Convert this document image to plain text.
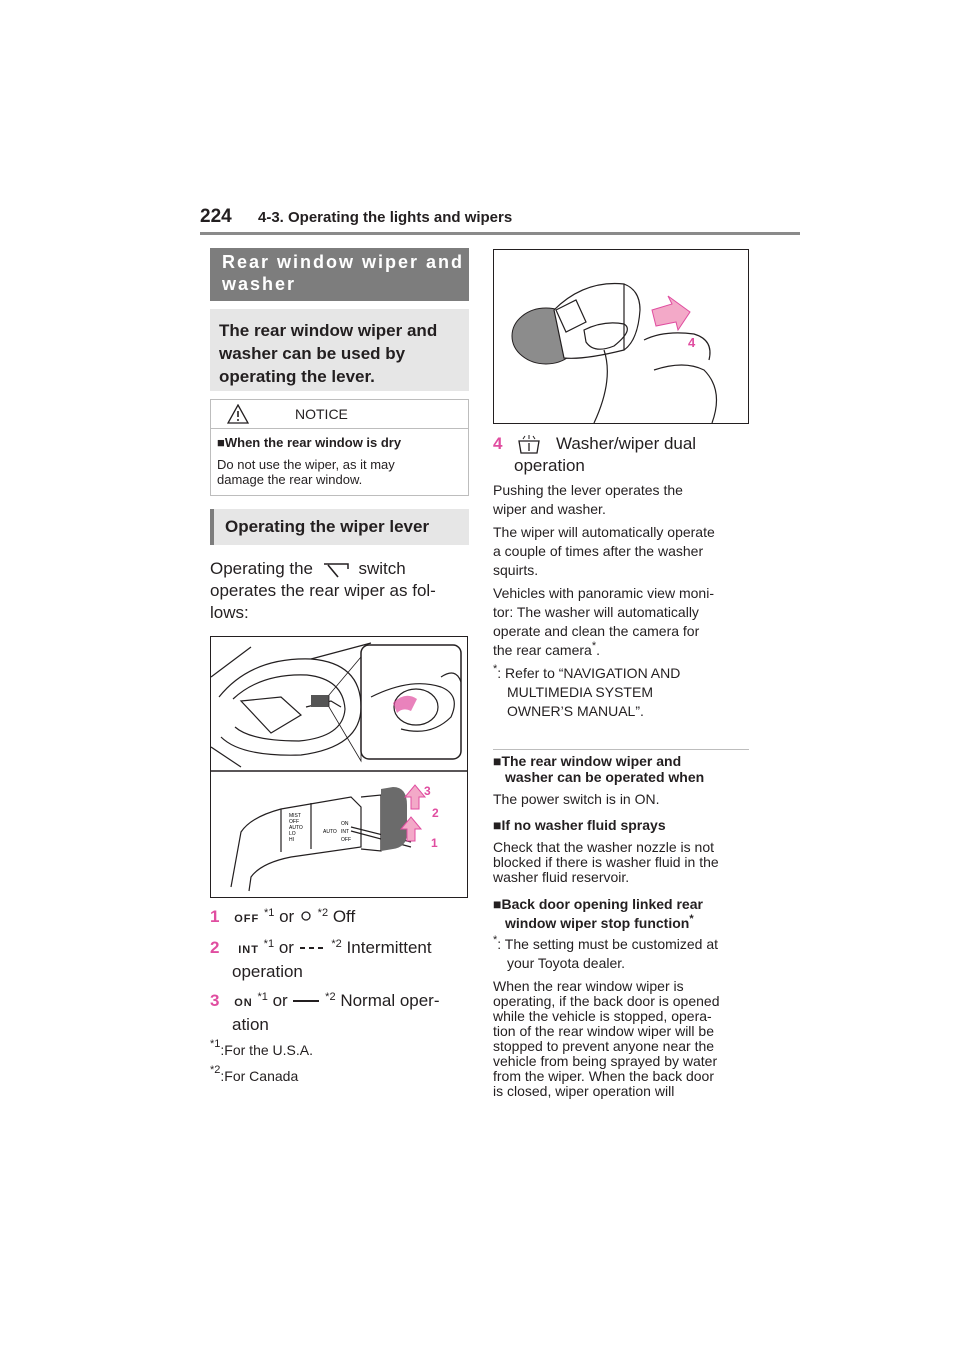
224 4-3. Operating the lights and wipers
Rear window wiper and washer
The rear window wiper and washer can be used by operating the lever.
NOTICE
■When the rear window is dry
Do not use the wiper, as it may
damage the rear window.
Operating the wiper lever
Operating the	switch
operates the rear wiper as fol-
lows:
MIST
OFF
AUTO
LO
HI
ON
INT
OFF
AUTO
3
2
1
1 OFF $^{*1}$ or $^{*2}$ Off
2 INT $^{*1}$ or	$^{*2}$ Intermittent
operation
3 ON $^{*1}$ or	$^{*2}$ Normal oper-
ation
$^{*1}$:For the U.S.A.
$^{*2}$:For Canada
4
4	Washer/wiper dual
operation
Pushing the lever operates the
wiper and washer.
The wiper will automatically operate
a couple of times after the washer
squirts.
Vehicles with panoramic view moni-
tor: The washer will automatically
operate and clean the camera for
the rear camera*.
*: Refer to “NAVIGATION AND
MULTIMEDIA SYSTEM
OWNER’S MANUAL”.
■The rear window wiper and
washer can be operated when
The power switch is in ON.
■If no washer fluid sprays
Check that the washer nozzle is not
blocked if there is washer fluid in the
washer fluid reservoir.
■Back door opening linked rear
window wiper stop function*
*: The setting must be customized at
your Toyota dealer.
When the rear window wiper is
operating, if the back door is opened
while the vehicle is stopped, opera-
tion of the rear window wiper will be
stopped to prevent anyone near the
vehicle from being sprayed by water
from the wiper. When the back door
is closed, wiper operation will
